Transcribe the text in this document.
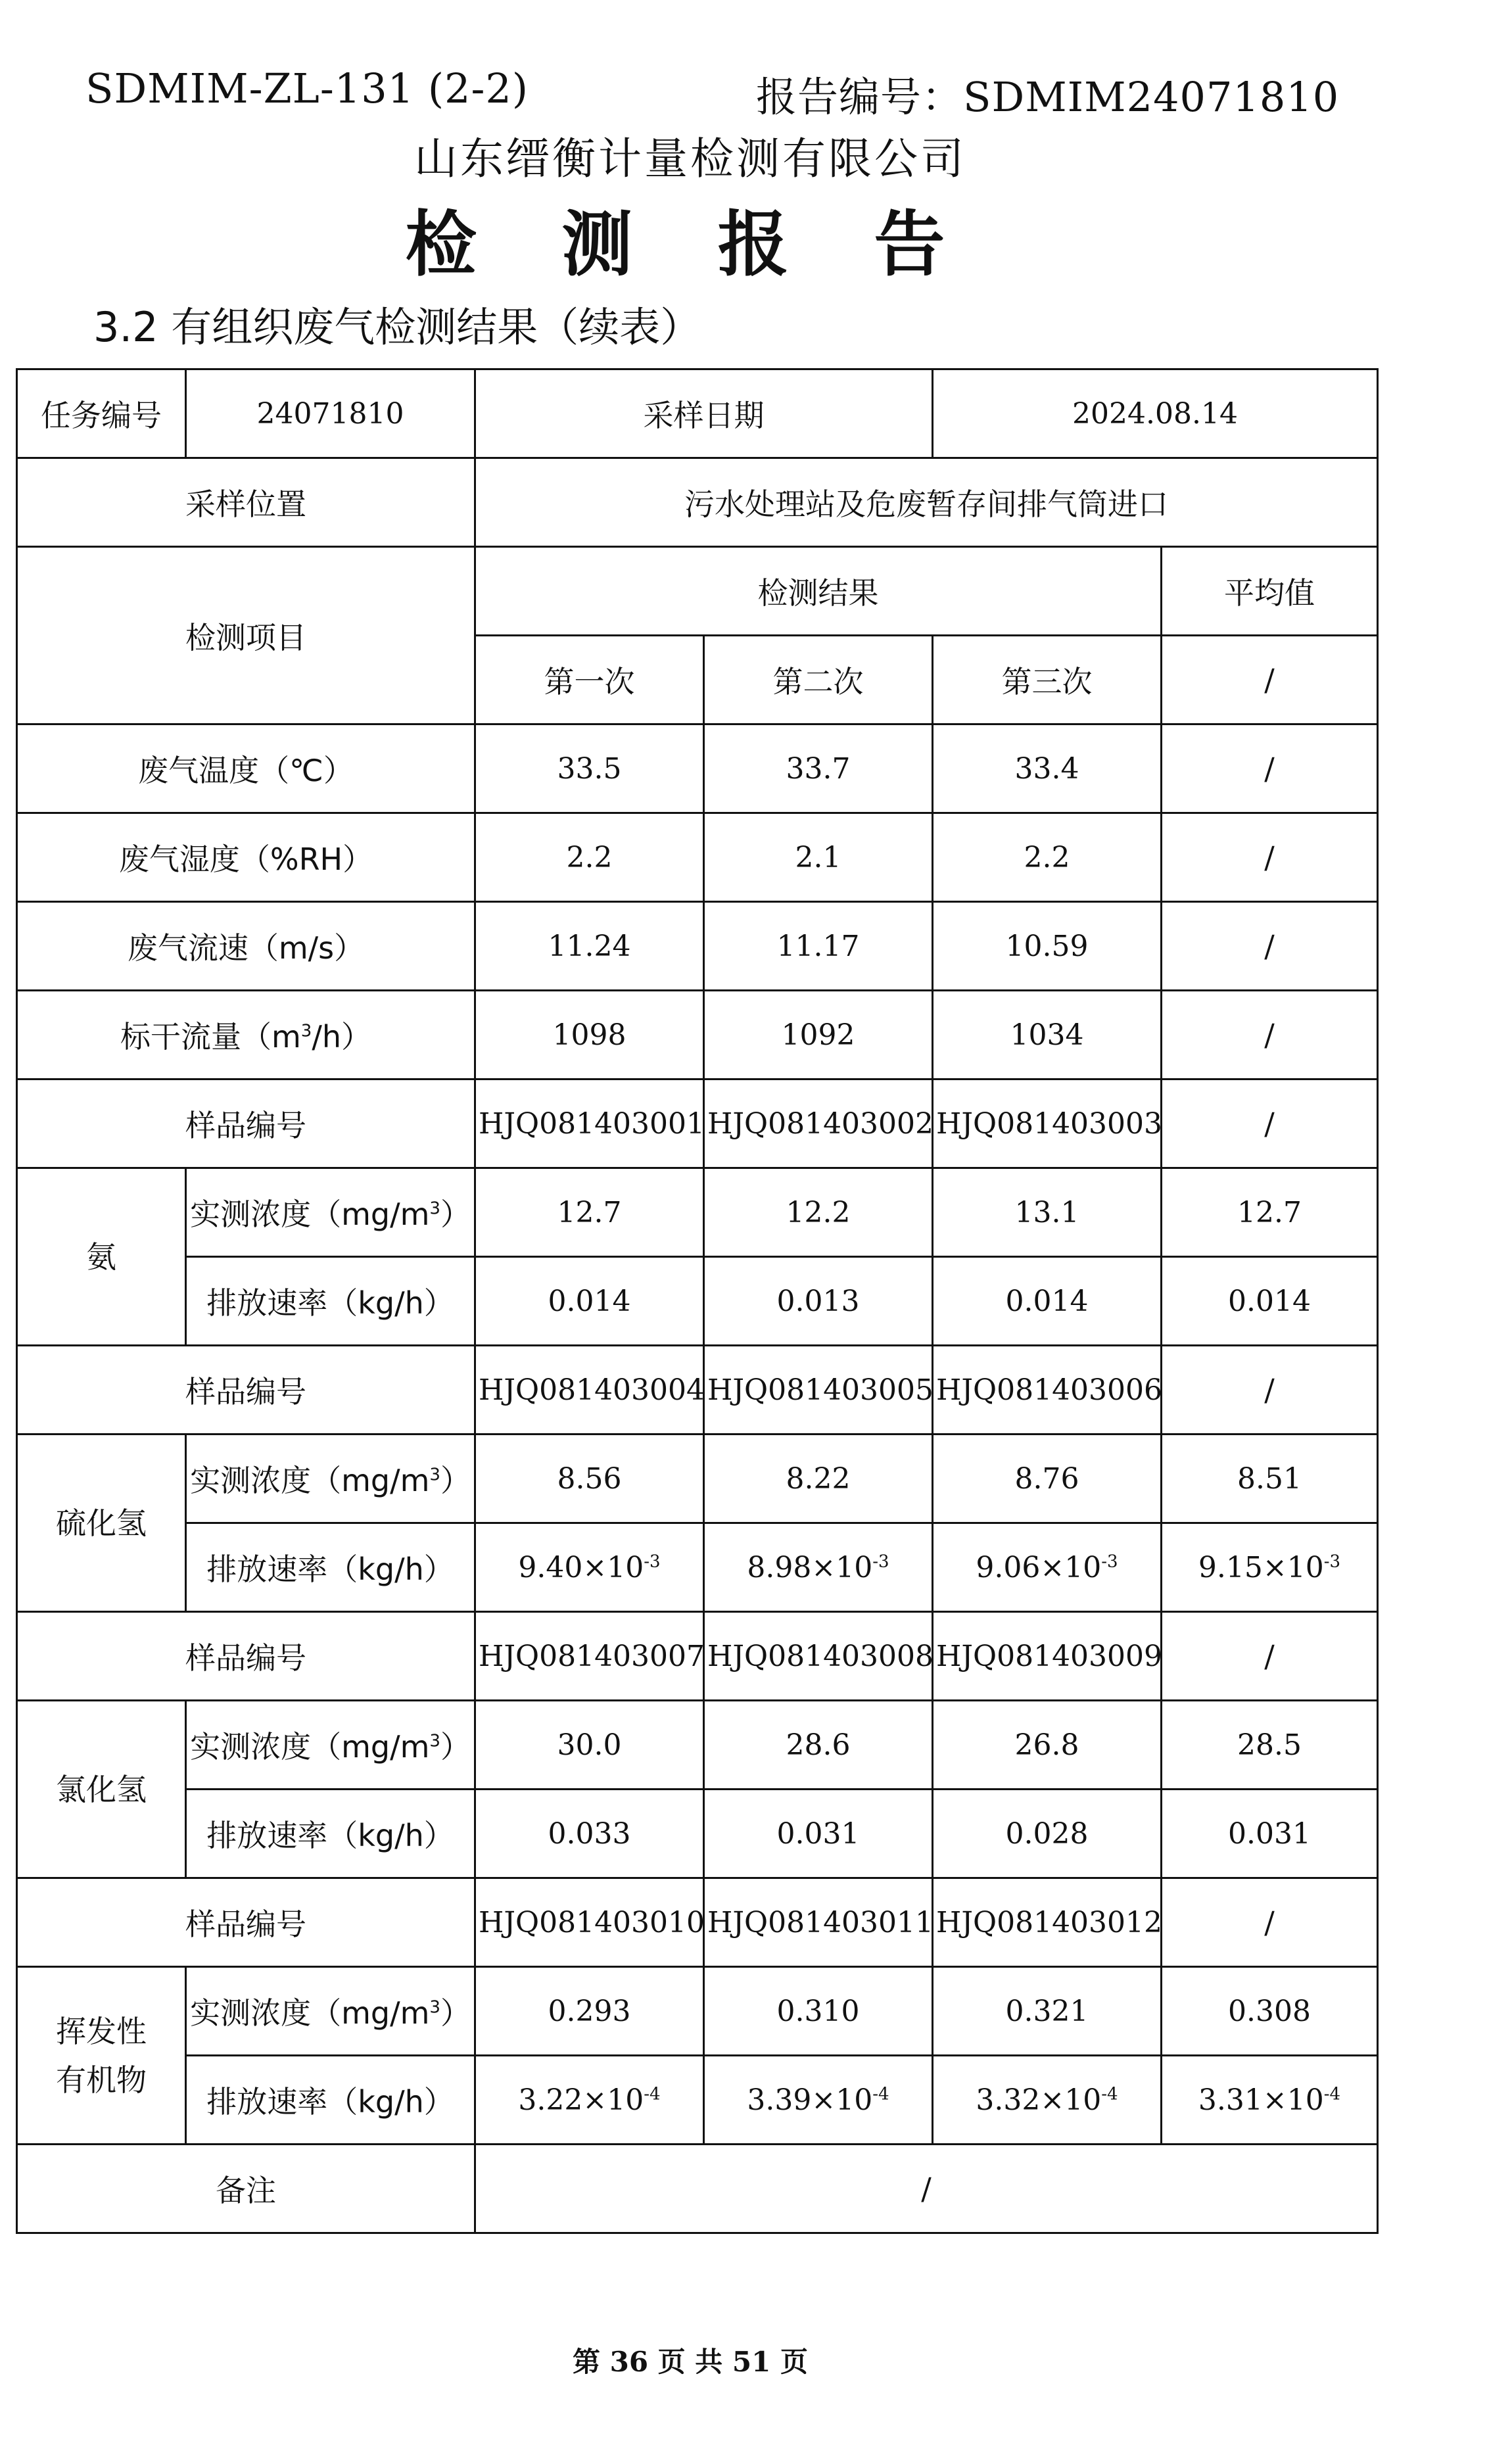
SDMIM-ZL-131 (2-2)	报告编号：SDMIM24071810
山东缙衡计量检测有限公司
检 测 报 告
3.2 有组织废气检测结果（续表）
任务编号	24071810	采样日期		2024.08.14	
采样位置		污水处理站及危废暂存间排气筒进口			
检测项目		检测结果			平均值
		第一次	第二次	第三次	/
废气温度（℃）		33.5	33.7	33.4	/
废气湿度（%RH）		2.2	2.1	2.2	/
废气流速（m/s）		11.24	11.17	10.59	/
标干流量$(m^3/h)$		1098	1092	1034	/
样品编号		HJQ081403001	HJQ081403002	HJQ081403003	/
氨	实测浓度$(mg/m^3)$	12.7	12.2	13.1	12.7
	排放速率（kg/h）	0.014	0.013	0.014	0.014
样品编号		HJQ081403004	HJQ081403005	HJQ081403006	/
硫化氢	实测浓度$(mg/m^3)$	8.56	8.22	8.76	8.51
	排放速率（kg/h）	$9.40\times 10^{-3}$	$8.98\times 10^{-3}$	$9.06\times 10^{-3}$	$9.15\times 10^{-3}$
样品编号		HJQ081403007	HJQ081403008	HJQ081403009	/
氯化氢	实测浓度$(mg/m^3)$	30.0	28.6	26.8	28.5
	排放速率（kg/h）	0.033	0.031	0.028	0.031
样品编号		HJQ081403010	HJQ081403011	HJQ081403012	/
挥发性
有机物	实测浓度$(mg/m^3)$	0.293	0.310	0.321	0.308
	排放速率（kg/h）	$3.22\times 10^{-4}$	$3.39\times 10^{-4}$	$3.32\times 10^{-4}$	$3.31\times 10^{-4}$
备注		/			
第 36 页 共 51 页
